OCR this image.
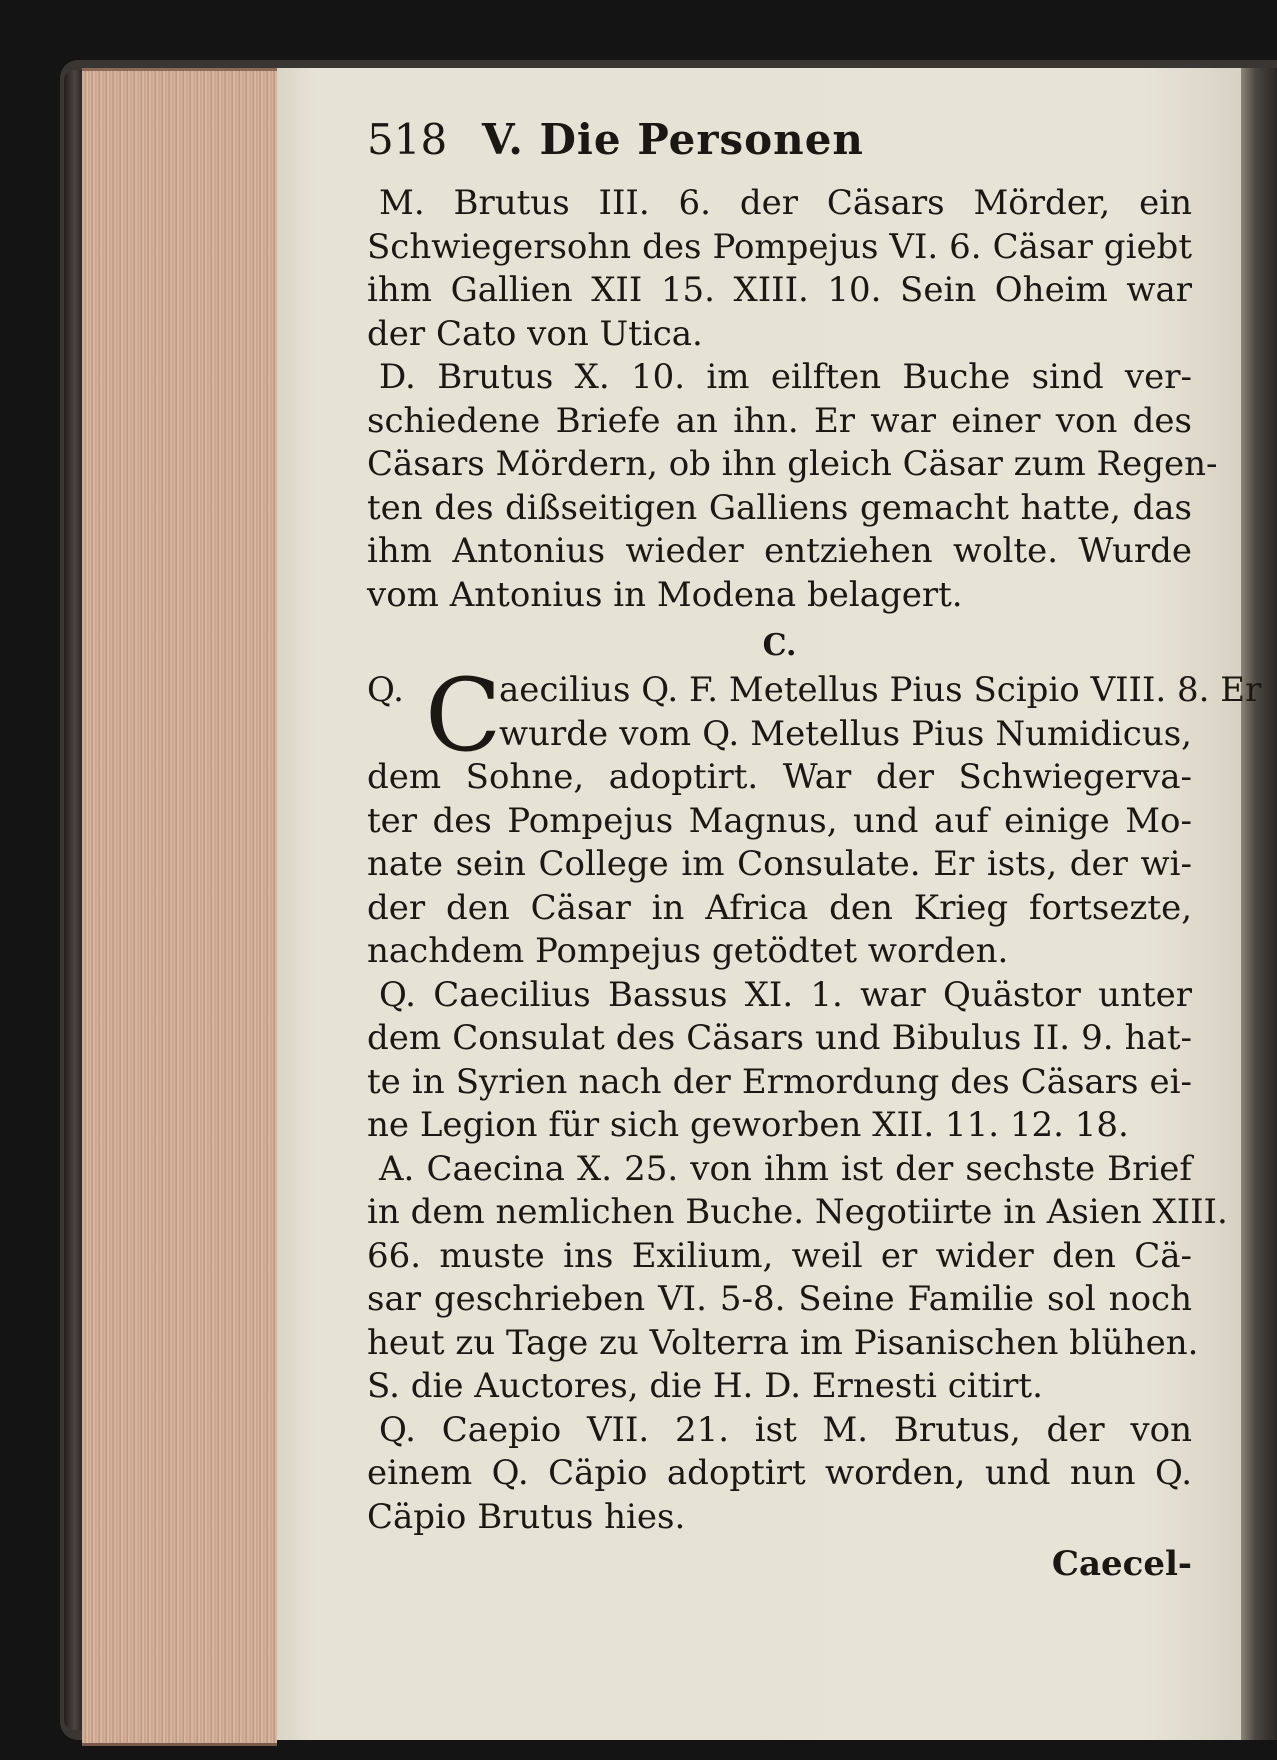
518 V. Die Personen
M. Brutus III. 6. der Cäsars Mörder, ein
Schwiegersohn des Pompejus VI. 6. Cäsar giebt
ihm Gallien XII 15. XIII. 10. Sein Oheim war
der Cato von Utica.
D. Brutus X. 10. im eilften Buche sind ver-
schiedene Briefe an ihn. Er war einer von des
Cäsars Mördern, ob ihn gleich Cäsar zum Regen-
ten des dißseitigen Galliens gemacht hatte, das
ihm Antonius wieder entziehen wolte. Wurde
vom Antonius in Modena belagert.
C.
C
Q.	aecilius Q. F. Metellus Pius Scipio VIII. 8. Er
wurde vom Q. Metellus Pius Numidicus,
dem Sohne, adoptirt. War der Schwiegerva-
ter des Pompejus Magnus, und auf einige Mo-
nate sein College im Consulate. Er ists, der wi-
der den Cäsar in Africa den Krieg fortsezte,
nachdem Pompejus getödtet worden.
Q. Caecilius Bassus XI. 1. war Quästor unter
dem Consulat des Cäsars und Bibulus II. 9. hat-
te in Syrien nach der Ermordung des Cäsars ei-
ne Legion für sich geworben XII. 11. 12. 18.
A. Caecina X. 25. von ihm ist der sechste Brief
in dem nemlichen Buche. Negotiirte in Asien XIII.
66. muste ins Exilium, weil er wider den Cä-
sar geschrieben VI. 5-8. Seine Familie sol noch
heut zu Tage zu Volterra im Pisanischen blühen.
S. die Auctores, die H. D. Ernesti citirt.
Q. Caepio VII. 21. ist M. Brutus, der von
einem Q. Cäpio adoptirt worden, und nun Q.
Cäpio Brutus hies.
Caecel-
